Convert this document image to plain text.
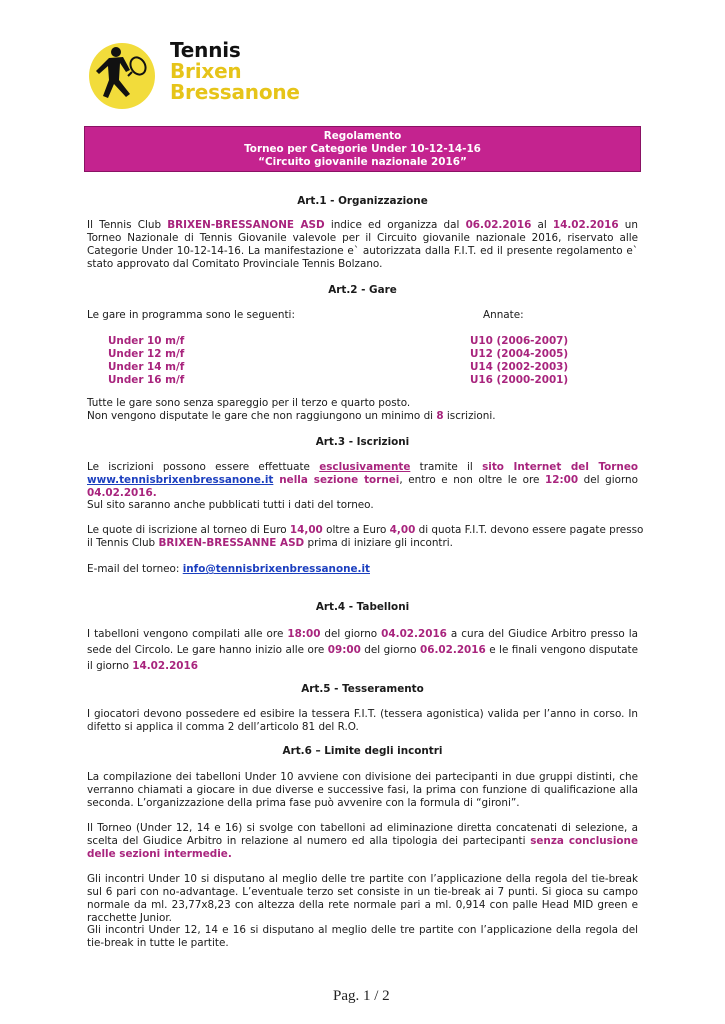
Tennis
Brixen
Bressanone
Regolamento
Torneo per Categorie Under 10-12-14-16
“Circuito giovanile nazionale 2016”
Art.1 - Organizzazione
Il Tennis Club BRIXEN-BRESSANONE ASD indice ed organizza dal 06.02.2016 al 14.02.2016 un Torneo Nazionale di Tennis Giovanile valevole per il Circuito giovanile nazionale 2016, riservato alle Categorie Under 10-12-14-16. La manifestazione e` autorizzata dalla F.I.T. ed il presente regolamento e` stato approvato dal Comitato Provinciale Tennis Bolzano.
Art.2 - Gare
Le gare in programma sono le seguenti:	Annate:
Under 10 m/f
Under 12 m/f
Under 14 m/f
Under 16 m/f
U10 (2006-2007)
U12 (2004-2005)
U14 (2002-2003)
U16 (2000-2001)
Tutte le gare sono senza spareggio per il terzo e quarto posto.
Non vengono disputate le gare che non raggiungono un minimo di 8 iscrizioni.
Art.3 - Iscrizioni
Le iscrizioni possono essere effettuate esclusivamente tramite il sito Internet del Torneo www.tennisbrixenbressanone.it nella sezione tornei, entro e non oltre le ore 12:00 del giorno 04.02.2016.
Sul sito saranno anche pubblicati tutti i dati del torneo.
Le quote di iscrizione al torneo di Euro 14,00 oltre a Euro 4,00 di quota F.I.T. devono essere pagate presso
il Tennis Club BRIXEN-BRESSANNE ASD prima di iniziare gli incontri.
E-mail del torneo: info@tennisbrixenbressanone.it
Art.4 - Tabelloni
I tabelloni vengono compilati alle ore 18:00 del giorno 04.02.2016 a cura del Giudice Arbitro presso la sede del Circolo. Le gare hanno inizio alle ore 09:00 del giorno 06.02.2016 e le finali vengono disputate il giorno 14.02.2016
Art.5 - Tesseramento
I giocatori devono possedere ed esibire la tessera F.I.T. (tessera agonistica) valida per l’anno in corso. In difetto si applica il comma 2 dell’articolo 81 del R.O.
Art.6 – Limite degli incontri
La compilazione dei tabelloni Under 10 avviene con divisione dei partecipanti in due gruppi distinti, che verranno chiamati a giocare in due diverse e successive fasi, la prima con funzione di qualificazione alla seconda. L’organizzazione della prima fase può avvenire con la formula di “gironi”.
Il Torneo (Under 12, 14 e 16) si svolge con tabelloni ad eliminazione diretta concatenati di selezione, a scelta del Giudice Arbitro in relazione al numero ed alla tipologia dei partecipanti senza conclusione delle sezioni intermedie.
Gli incontri Under 10 si disputano al meglio delle tre partite con l’applicazione della regola del tie-break sul 6 pari con no-advantage. L’eventuale terzo set consiste in un tie-break ai 7 punti. Si gioca su campo normale da ml. 23,77x8,23 con altezza della rete normale pari a ml. 0,914 con palle Head MID green e racchette Junior.
Gli incontri Under 12, 14 e 16 si disputano al meglio delle tre partite con l’applicazione della regola del tie-break in tutte le partite.
Pag. 1 / 2
